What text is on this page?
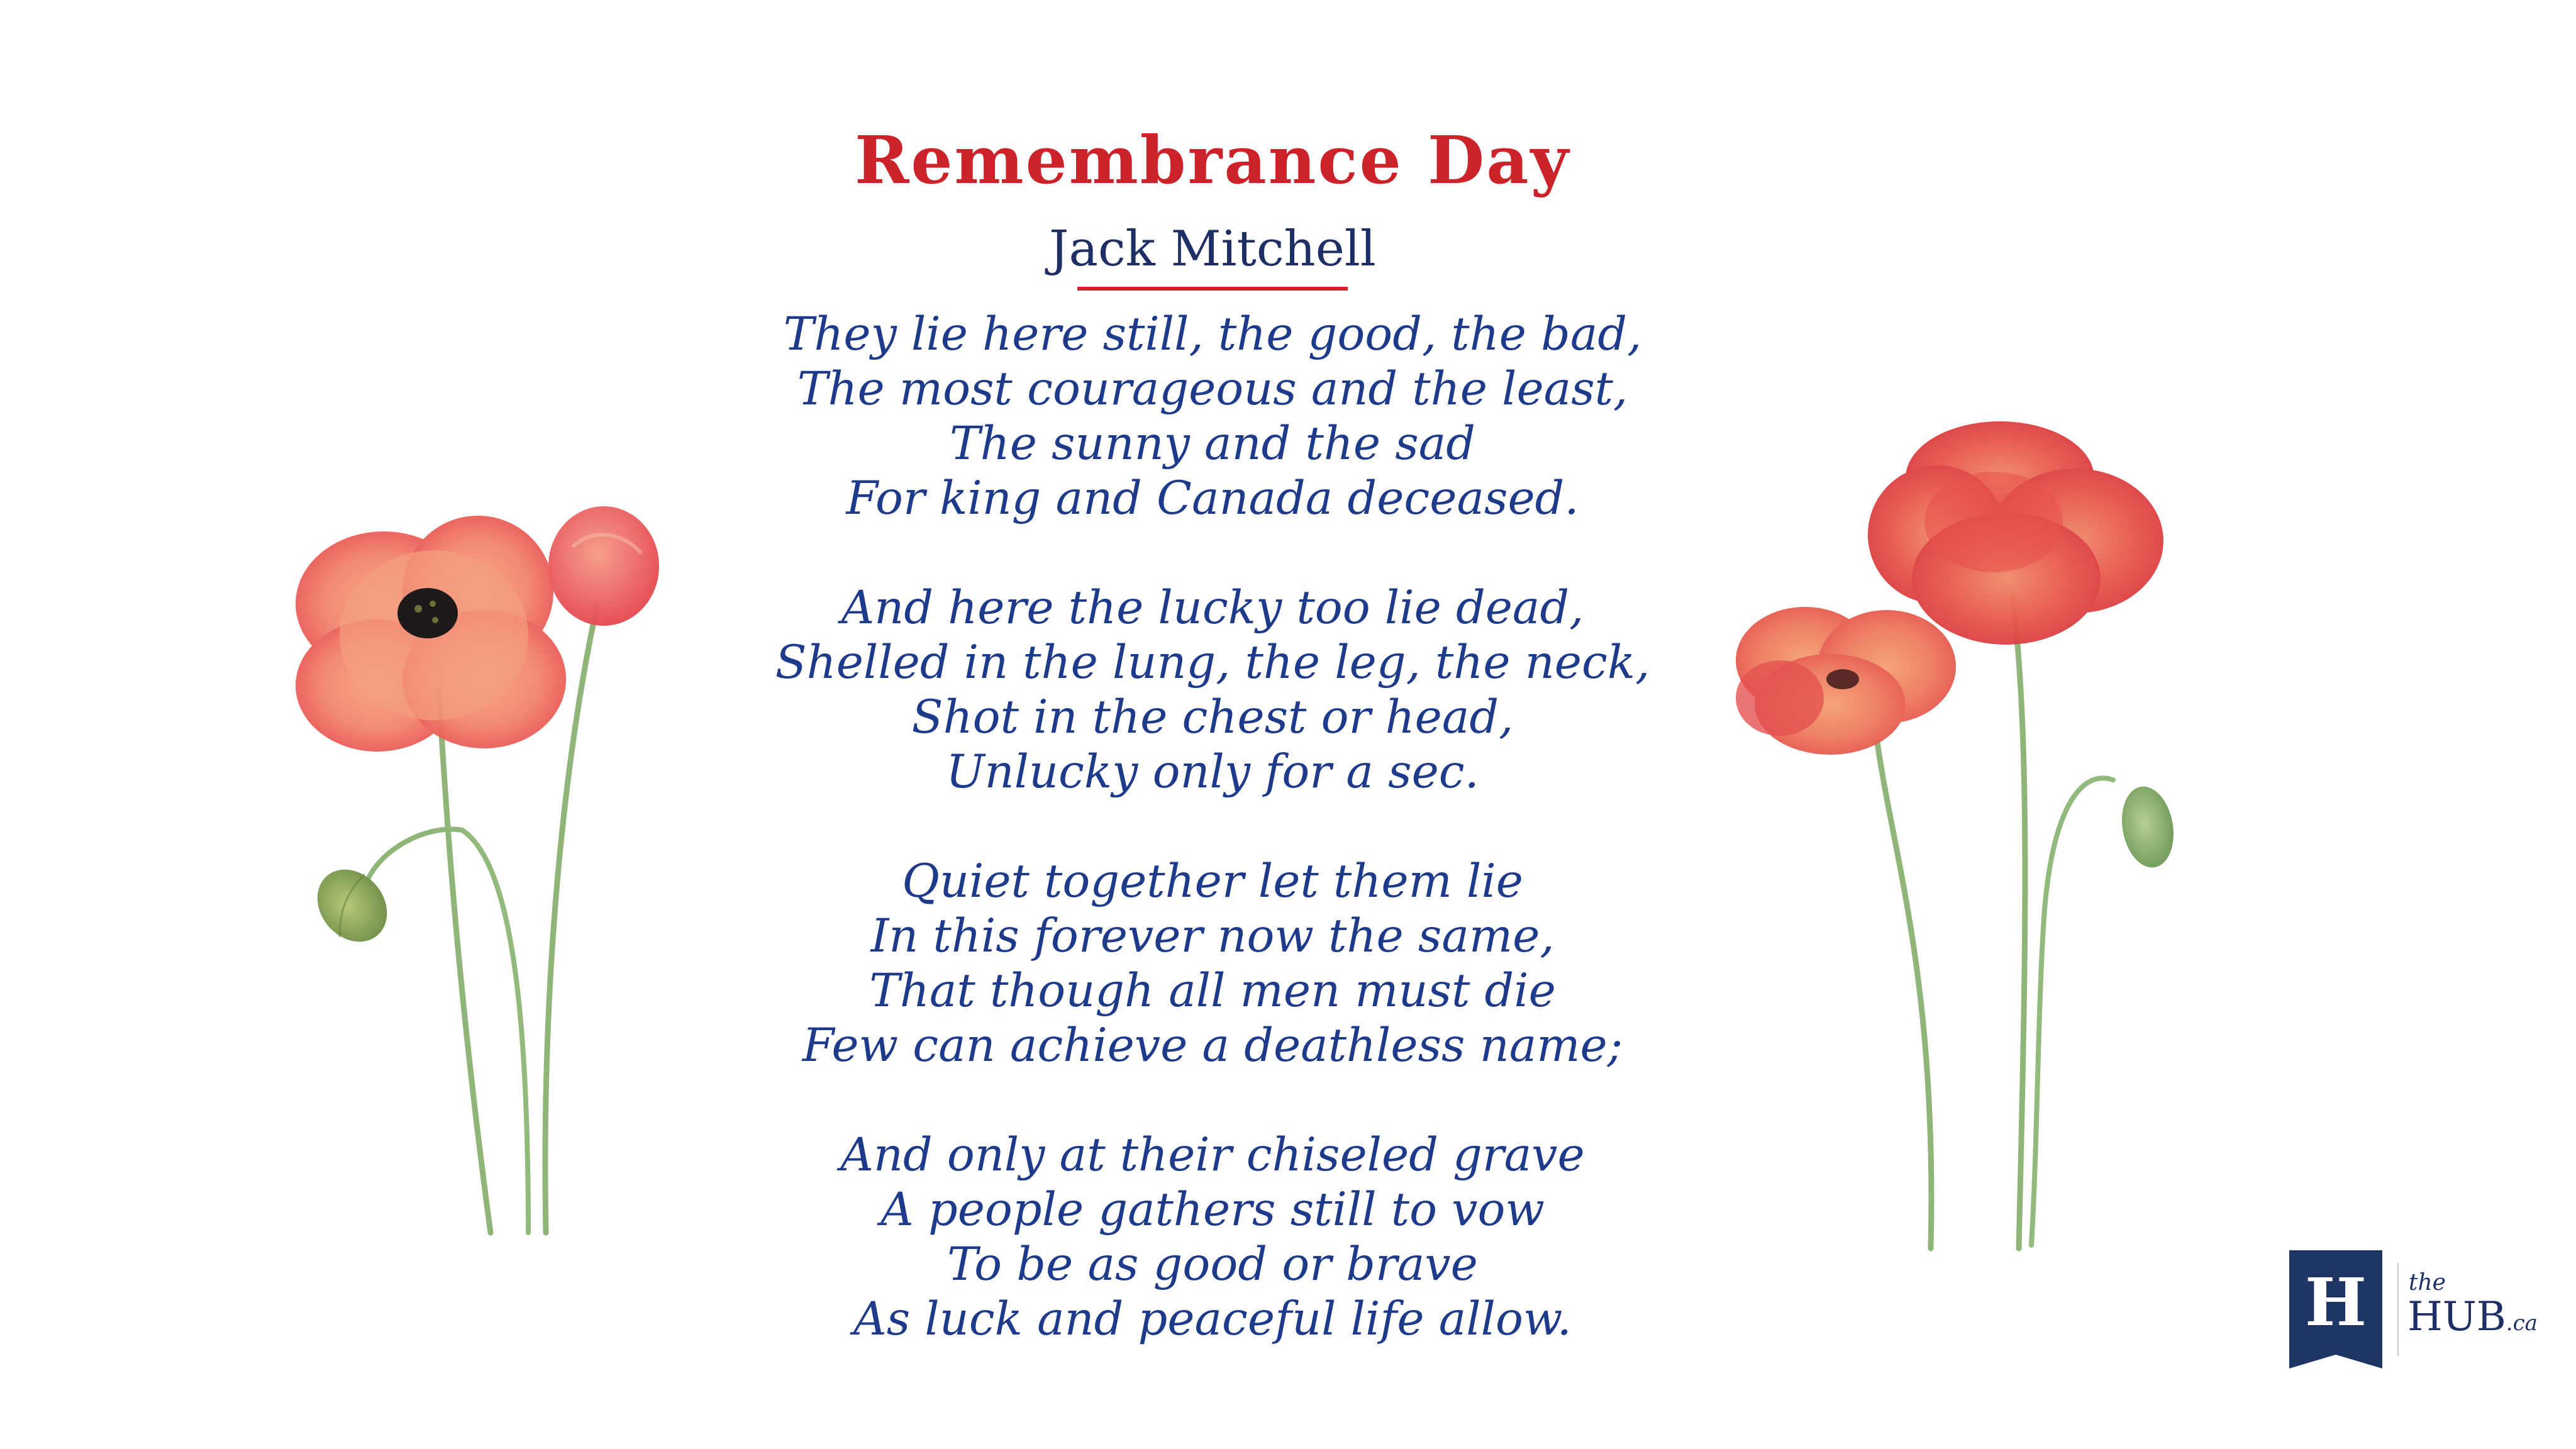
Remembrance Day
Jack Mitchell
They lie here still, the good, the bad,
The most courageous and the least,
The sunny and the sad
For king and Canada deceased.
And here the lucky too lie dead,
Shelled in the lung, the leg, the neck,
Shot in the chest or head,
Unlucky only for a sec.
Quiet together let them lie
In this forever now the same,
That though all men must die
Few can achieve a deathless name;
And only at their chiseled grave
A people gathers still to vow
To be as good or brave
As luck and peaceful life allow.	H	the
HUB.ca
